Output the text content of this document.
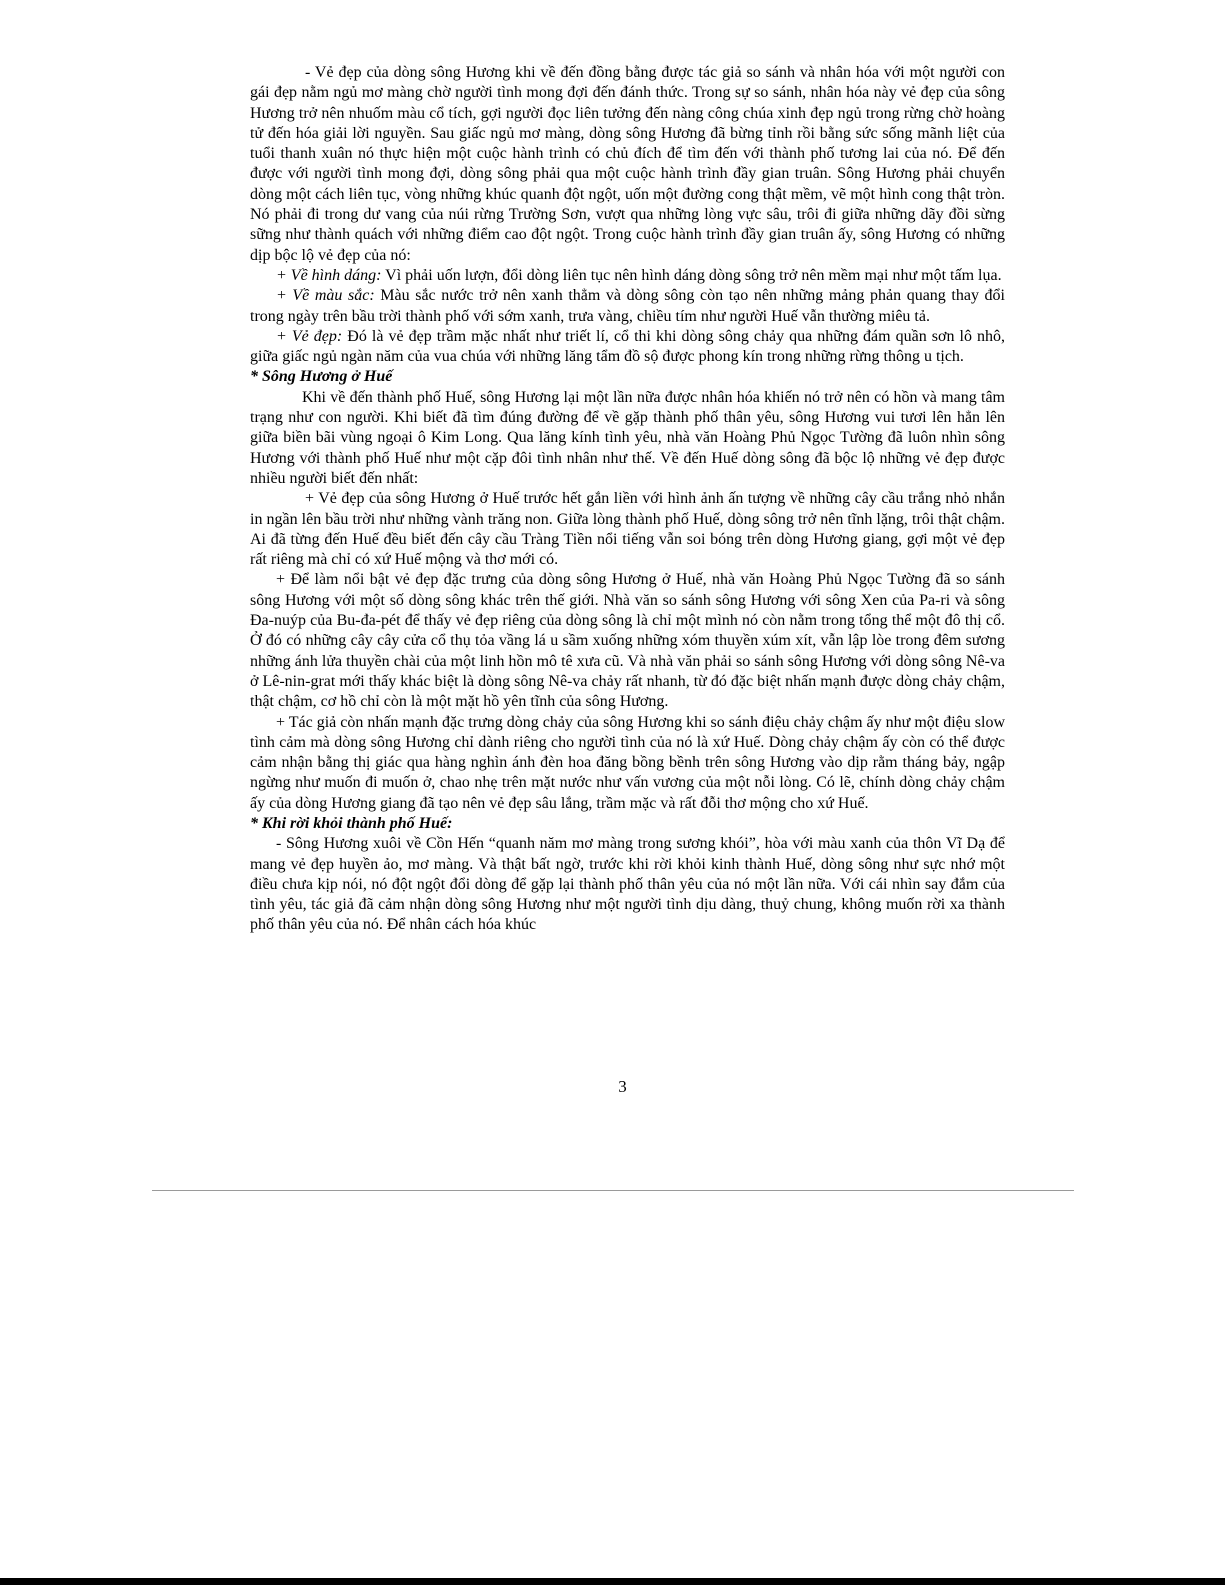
- Vẻ đẹp của dòng sông Hương khi về đến đồng bằng được tác giả so sánh và nhân hóa với một người con gái đẹp nằm ngủ mơ màng chờ người tình mong đợi đến đánh thức. Trong sự so sánh, nhân hóa này vẻ đẹp của sông Hương trở nên nhuốm màu cổ tích, gợi người đọc liên tưởng đến nàng công chúa xinh đẹp ngủ trong rừng chờ hoàng tử đến hóa giải lời nguyền. Sau giấc ngủ mơ màng, dòng sông Hương đã bừng tỉnh rồi bằng sức sống mãnh liệt của tuổi thanh xuân nó thực hiện một cuộc hành trình có chủ đích để tìm đến với thành phố tương lai của nó. Để đến được với người tình mong đợi, dòng sông phải qua một cuộc hành trình đầy gian truân. Sông Hương phải chuyển dòng một cách liên tục, vòng những khúc quanh đột ngột, uốn một đường cong thật mềm, vẽ một hình cong thật tròn. Nó phải đi trong dư vang của núi rừng Trường Sơn, vượt qua những lòng vực sâu, trôi đi giữa những dãy đồi sừng sững như thành quách với những điểm cao đột ngột. Trong cuộc hành trình đầy gian truân ấy, sông Hương có những dịp bộc lộ vẻ đẹp của nó:

+ Về hình dáng: Vì phải uốn lượn, đổi dòng liên tục nên hình dáng dòng sông trở nên mềm mại như một tấm lụa.

+ Về màu sắc: Màu sắc nước trở nên xanh thẳm và dòng sông còn tạo nên những mảng phản quang thay đổi trong ngày trên bầu trời thành phố với sớm xanh, trưa vàng, chiều tím như người Huế vẫn thường miêu tả.

+ Vẻ đẹp: Đó là vẻ đẹp trầm mặc nhất như triết lí, cổ thi khi dòng sông chảy qua những đám quần sơn lô nhô, giữa giấc ngủ ngàn năm của vua chúa với những lăng tẩm đồ sộ được phong kín trong những rừng thông u tịch.

* Sông Hương ở Huế

Khi về đến thành phố Huế, sông Hương lại một lần nữa được nhân hóa khiến nó trở nên có hồn và mang tâm trạng như con người. Khi biết đã tìm đúng đường để về gặp thành phố thân yêu, sông Hương vui tươi lên hẳn lên giữa biền bãi vùng ngoại ô Kim Long. Qua lăng kính tình yêu, nhà văn Hoàng Phủ Ngọc Tường đã luôn nhìn sông Hương với thành phố Huế như một cặp đôi tình nhân như thế. Về đến Huế dòng sông đã bộc lộ những vẻ đẹp được nhiều người biết đến nhất:

+ Vẻ đẹp của sông Hương ở Huế trước hết gắn liền với hình ảnh ấn tượng về những cây cầu trắng nhỏ nhắn in ngần lên bầu trời như những vành trăng non. Giữa lòng thành phố Huế, dòng sông trở nên tĩnh lặng, trôi thật chậm. Ai đã từng đến Huế đều biết đến cây cầu Tràng Tiền nổi tiếng vẫn soi bóng trên dòng Hương giang, gợi một vẻ đẹp rất riêng mà chỉ có xứ Huế mộng và thơ mới có.

+ Để làm nổi bật vẻ đẹp đặc trưng của dòng sông Hương ở Huế, nhà văn Hoàng Phủ Ngọc Tường đã so sánh sông Hương với một số dòng sông khác trên thế giới. Nhà văn so sánh sông Hương với sông Xen của Pa-ri và sông Đa-nuýp của Bu-đa-pét để thấy vẻ đẹp riêng của dòng sông là chỉ một mình nó còn nằm trong tổng thể một đô thị cổ. Ở đó có những cây cây cửa cổ thụ tỏa vầng lá u sầm xuống những xóm thuyền xúm xít, vẫn lập lòe trong đêm sương những ánh lửa thuyền chài của một linh hồn mô tê xưa cũ. Và nhà văn phải so sánh sông Hương với dòng sông Nê-va ở Lê-nin-grat mới thấy khác biệt là dòng sông Nê-va chảy rất nhanh, từ đó đặc biệt nhấn mạnh được dòng chảy chậm, thật chậm, cơ hồ chỉ còn là một mặt hồ yên tĩnh của sông Hương.

+ Tác giả còn nhấn mạnh đặc trưng dòng chảy của sông Hương khi so sánh điệu chảy chậm ấy như một điệu slow tình cảm mà dòng sông Hương chỉ dành riêng cho người tình của nó là xứ Huế. Dòng chảy chậm ấy còn có thể được cảm nhận bằng thị giác qua hàng nghìn ánh đèn hoa đăng bồng bềnh trên sông Hương vào dịp rằm tháng bảy, ngập ngừng như muốn đi muốn ở, chao nhẹ trên mặt nước như vấn vương của một nỗi lòng. Có lẽ, chính dòng chảy chậm ấy của dòng Hương giang đã tạo nên vẻ đẹp sâu lắng, trầm mặc và rất đỗi thơ mộng cho xứ Huế.

* Khi rời khỏi thành phố Huế:

- Sông Hương xuôi về Cồn Hến “quanh năm mơ màng trong sương khói”, hòa với màu xanh của thôn Vĩ Dạ để mang vẻ đẹp huyền ảo, mơ màng. Và thật bất ngờ, trước khi rời khỏi kinh thành Huế, dòng sông như sực nhớ một điều chưa kịp nói, nó đột ngột đổi dòng để gặp lại thành phố thân yêu của nó một lần nữa. Với cái nhìn say đắm của tình yêu, tác giả đã cảm nhận dòng sông Hương như một người tình dịu dàng, thuỷ chung, không muốn rời xa thành phố thân yêu của nó. Để nhân cách hóa khúc

3
